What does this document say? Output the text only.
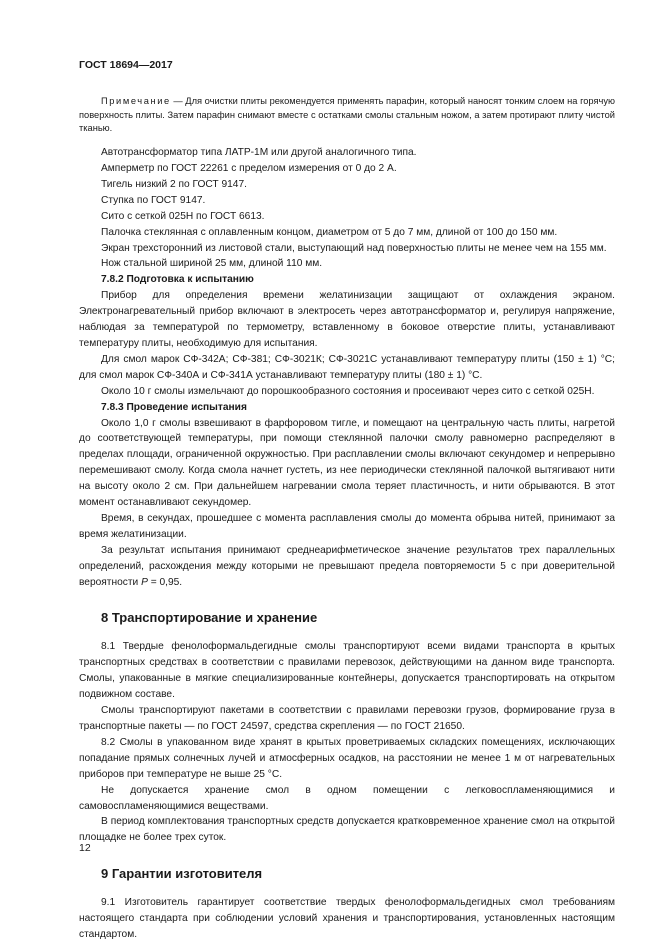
ГОСТ 18694—2017

Примечание — Для очистки плиты рекомендуется применять парафин, который наносят тонким слоем на горячую поверхность плиты. Затем парафин снимают вместе с остатками смолы стальным ножом, а затем протирают плиту чистой тканью.

Автотрансформатор типа ЛАТР-1М или другой аналогичного типа.

Амперметр по ГОСТ 22261 с пределом измерения от 0 до 2 А.

Тигель низкий 2 по ГОСТ 9147.

Ступка по ГОСТ 9147.

Сито с сеткой 025Н по ГОСТ 6613.

Палочка стеклянная с оплавленным концом, диаметром от 5 до 7 мм, длиной от 100 до 150 мм.

Экран трехсторонний из листовой стали, выступающий над поверхностью плиты не менее чем на 155 мм.

Нож стальной шириной 25 мм, длиной 110 мм.

7.8.2 Подготовка к испытанию

Прибор для определения времени желатинизации защищают от охлаждения экраном. Электронагревательный прибор включают в электросеть через автотрансформатор и, регулируя напряжение, наблюдая за температурой по термометру, вставленному в боковое отверстие плиты, устанавливают температуру плиты, необходимую для испытания.

Для смол марок СФ-342А; СФ-381; СФ-3021К; СФ-3021С устанавливают температуру плиты (150 ± 1) °С; для смол марок СФ-340А и СФ-341А устанавливают температуру плиты (180 ± 1) °С.

Около 10 г смолы измельчают до порошкообразного состояния и просеивают через сито с сеткой 025Н.

7.8.3 Проведение испытания

Около 1,0 г смолы взвешивают в фарфоровом тигле, и помещают на центральную часть плиты, нагретой до соответствующей температуры, при помощи стеклянной палочки смолу равномерно распределяют в пределах площади, ограниченной окружностью. При расплавлении смолы включают секундомер и непрерывно перемешивают смолу. Когда смола начнет густеть, из нее периодически стеклянной палочкой вытягивают нити на высоту около 2 см. При дальнейшем нагревании смола теряет пластичность, и нити обрываются. В этот момент останавливают секундомер.

Время, в секундах, прошедшее с момента расплавления смолы до момента обрыва нитей, принимают за время желатинизации.

За результат испытания принимают среднеарифметическое значение результатов трех параллельных определений, расхождения между которыми не превышают предела повторяемости 5 с при доверительной вероятности P = 0,95.

8 Транспортирование и хранение

8.1 Твердые фенолоформальдегидные смолы транспортируют всеми видами транспорта в крытых транспортных средствах в соответствии с правилами перевозок, действующими на данном виде транспорта. Смолы, упакованные в мягкие специализированные контейнеры, допускается транспортировать на открытом подвижном составе.

Смолы транспортируют пакетами в соответствии с правилами перевозки грузов, формирование груза в транспортные пакеты — по ГОСТ 24597, средства скрепления — по ГОСТ 21650.

8.2 Смолы в упакованном виде хранят в крытых проветриваемых складских помещениях, исключающих попадание прямых солнечных лучей и атмосферных осадков, на расстоянии не менее 1 м от нагревательных приборов при температуре не выше 25 °С.

Не допускается хранение смол в одном помещении с легковоспламеняющимися и самовоспламеняющимися веществами.

В период комплектования транспортных средств допускается кратковременное хранение смол на открытой площадке не более трех суток.

9 Гарантии изготовителя

9.1 Изготовитель гарантирует соответствие твердых фенолоформальдегидных смол требованиям настоящего стандарта при соблюдении условий хранения и транспортирования, установленных настоящим стандартом.

12
